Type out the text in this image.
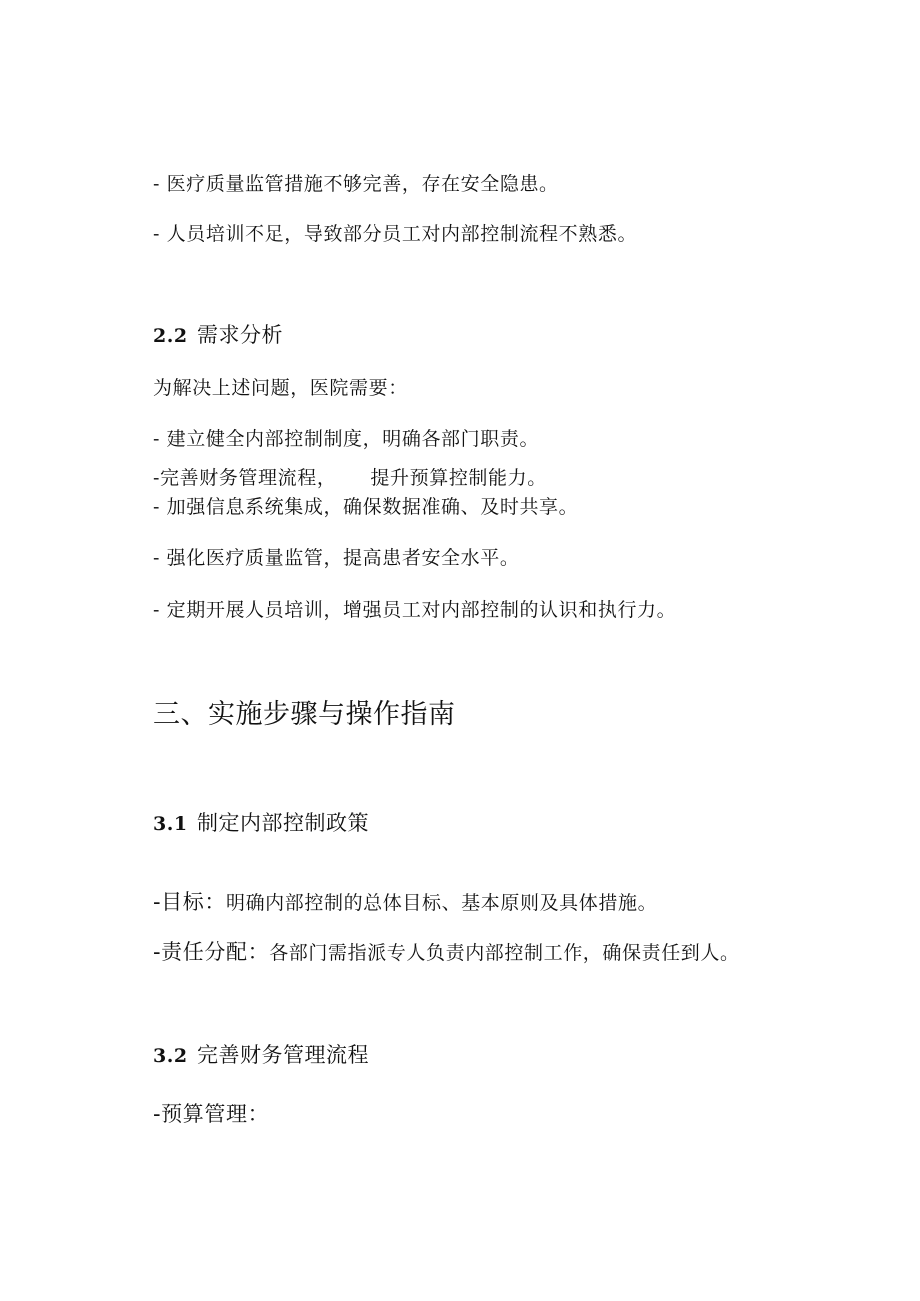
- 医疗质量监管措施不够完善，存在安全隐患。
- 人员培训不足，导致部分员工对内部控制流程不熟悉。
2.2 需求分析
为解决上述问题，医院需要：
- 建立健全内部控制制度，明确各部门职责。
-完善财务管理流程， 提升预算控制能力。
- 加强信息系统集成，确保数据准确、及时共享。
- 强化医疗质量监管，提高患者安全水平。
- 定期开展人员培训，增强员工对内部控制的认识和执行力。
三、实施步骤与操作指南
3.1 制定内部控制政策
-目标：明确内部控制的总体目标、基本原则及具体措施。
-责任分配：各部门需指派专人负责内部控制工作，确保责任到人。
3.2 完善财务管理流程
-预算管理：
